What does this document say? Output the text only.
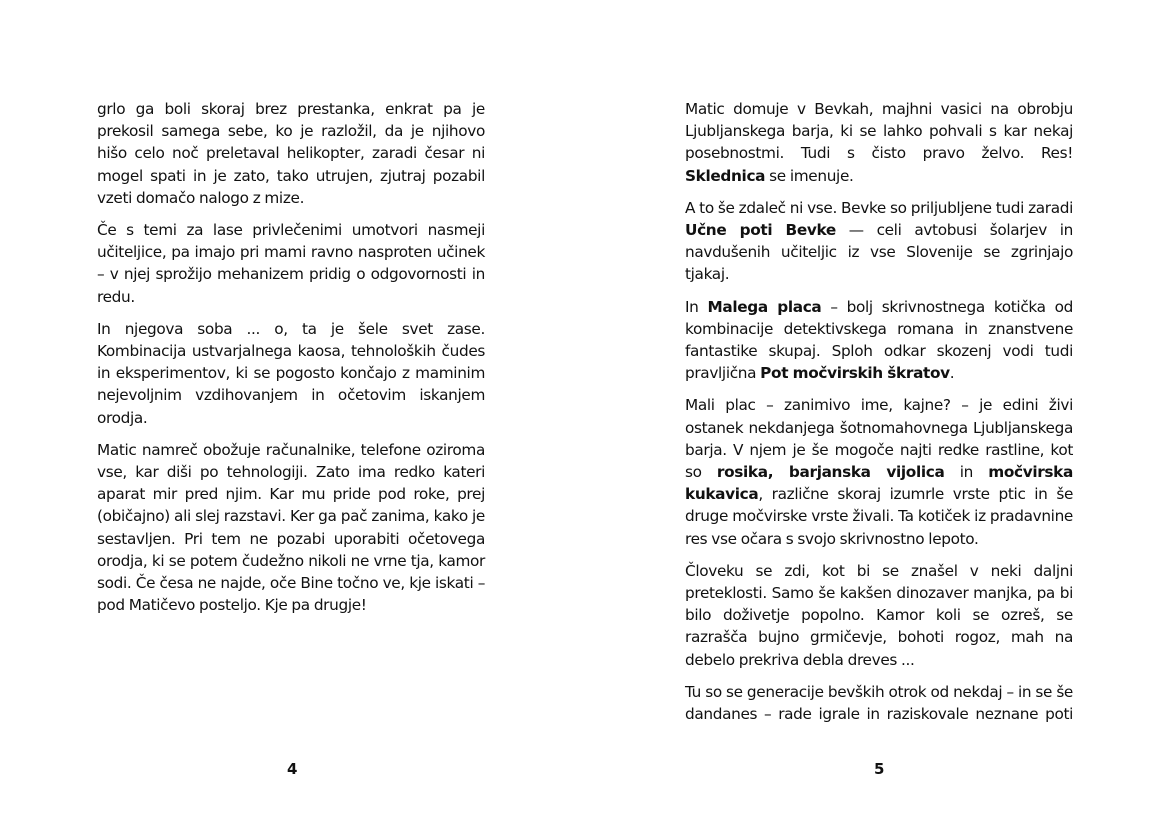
grlo ga boli skoraj brez prestanka, enkrat pa je prekosil samega sebe, ko je razložil, da je njihovo hišo celo noč preletaval helikopter, zaradi česar ni mogel spati in je zato, tako utrujen, zjutraj pozabil vzeti domačo nalogo z mize.

Če s temi za lase privlečenimi umotvori nasmeji učiteljice, pa imajo pri mami ravno nasproten učinek – v njej sprožijo mehanizem pridig o odgovornosti in redu.

In njegova soba ... o, ta je šele svet zase. Kombinacija ustvarjalnega kaosa, tehnoloških čudes in eksperimentov, ki se pogosto končajo z maminim nejevoljnim vzdihovanjem in očetovim iskanjem orodja.

Matic namreč obožuje računalnike, telefone oziroma vse, kar diši po tehnologiji. Zato ima redko kateri aparat mir pred njim. Kar mu pride pod roke, prej (običajno) ali slej razstavi. Ker ga pač zanima, kako je sestavljen. Pri tem ne pozabi uporabiti očetovega orodja, ki se potem čudežno nikoli ne vrne tja, kamor sodi. Če česa ne najde, oče Bine točno ve, kje iskati – pod Matičevo posteljo. Kje pa drugje!

Matic domuje v Bevkah, majhni vasici na obrobju Ljubljanskega barja, ki se lahko pohvali s kar nekaj posebnostmi. Tudi s čisto pravo želvo. Res! Sklednica se imenuje.

A to še zdaleč ni vse. Bevke so priljubljene tudi zaradi Učne poti Bevke — celi avtobusi šolarjev in navdušenih učiteljic iz vse Slovenije se zgrinjajo tjakaj.

In Malega placa – bolj skrivnostnega kotička od kombinacije detektivskega romana in znanstvene fantastike skupaj. Sploh odkar skozenj vodi tudi pravljična Pot močvirskih škratov.

Mali plac – zanimivo ime, kajne? – je edini živi ostanek nekdanjega šotnomahovnega Ljubljanskega barja. V njem je še mogoče najti redke rastline, kot so rosika, barjanska vijolica in močvirska kukavica, različne skoraj izumrle vrste ptic in še druge močvirske vrste živali. Ta kotiček iz pradavnine res vse očara s svojo skrivnostno lepoto.

Človeku se zdi, kot bi se znašel v neki daljni preteklosti. Samo še kakšen dinozaver manjka, pa bi bilo doživetje popolno. Kamor koli se ozreš, se razrašča bujno grmičevje, bohoti rogoz, mah na debelo prekriva debla dreves ...

Tu so se generacije bevških otrok od nekdaj – in se še dandanes – rade igrale in raziskovale neznane poti

4	5
